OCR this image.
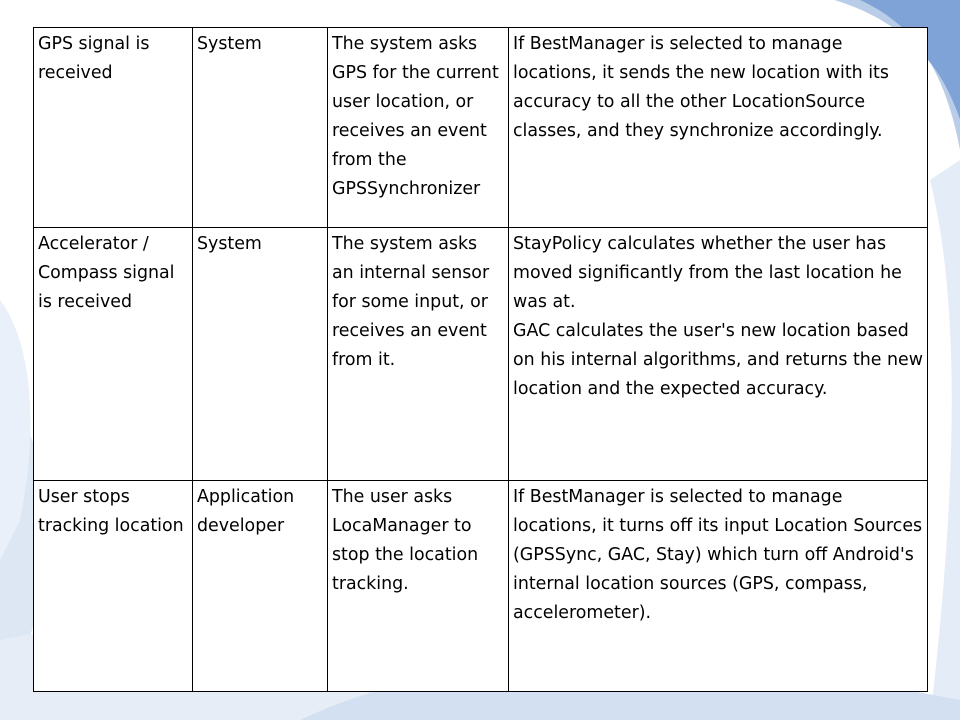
GPS signal is received	System	The system asks GPS for the current user location, or receives an event from the GPSSynchronizer	If BestManager is selected to manage locations, it sends the new location with its accuracy to all the other LocationSource classes, and they synchronize accordingly.

Accelerator / Compass signal is received	System	The system asks an internal sensor for some input, or receives an event from it.	StayPolicy calculates whether the user has moved significantly from the last location he was at.
GAC calculates the user's new location based on his internal algorithms, and returns the new location and the expected accuracy.

User stops tracking location	Application developer	The user asks LocaManager to stop the location tracking.	If BestManager is selected to manage locations, it turns off its input Location Sources (GPSSync, GAC, Stay) which turn off Android's internal location sources (GPS, compass, accelerometer).
